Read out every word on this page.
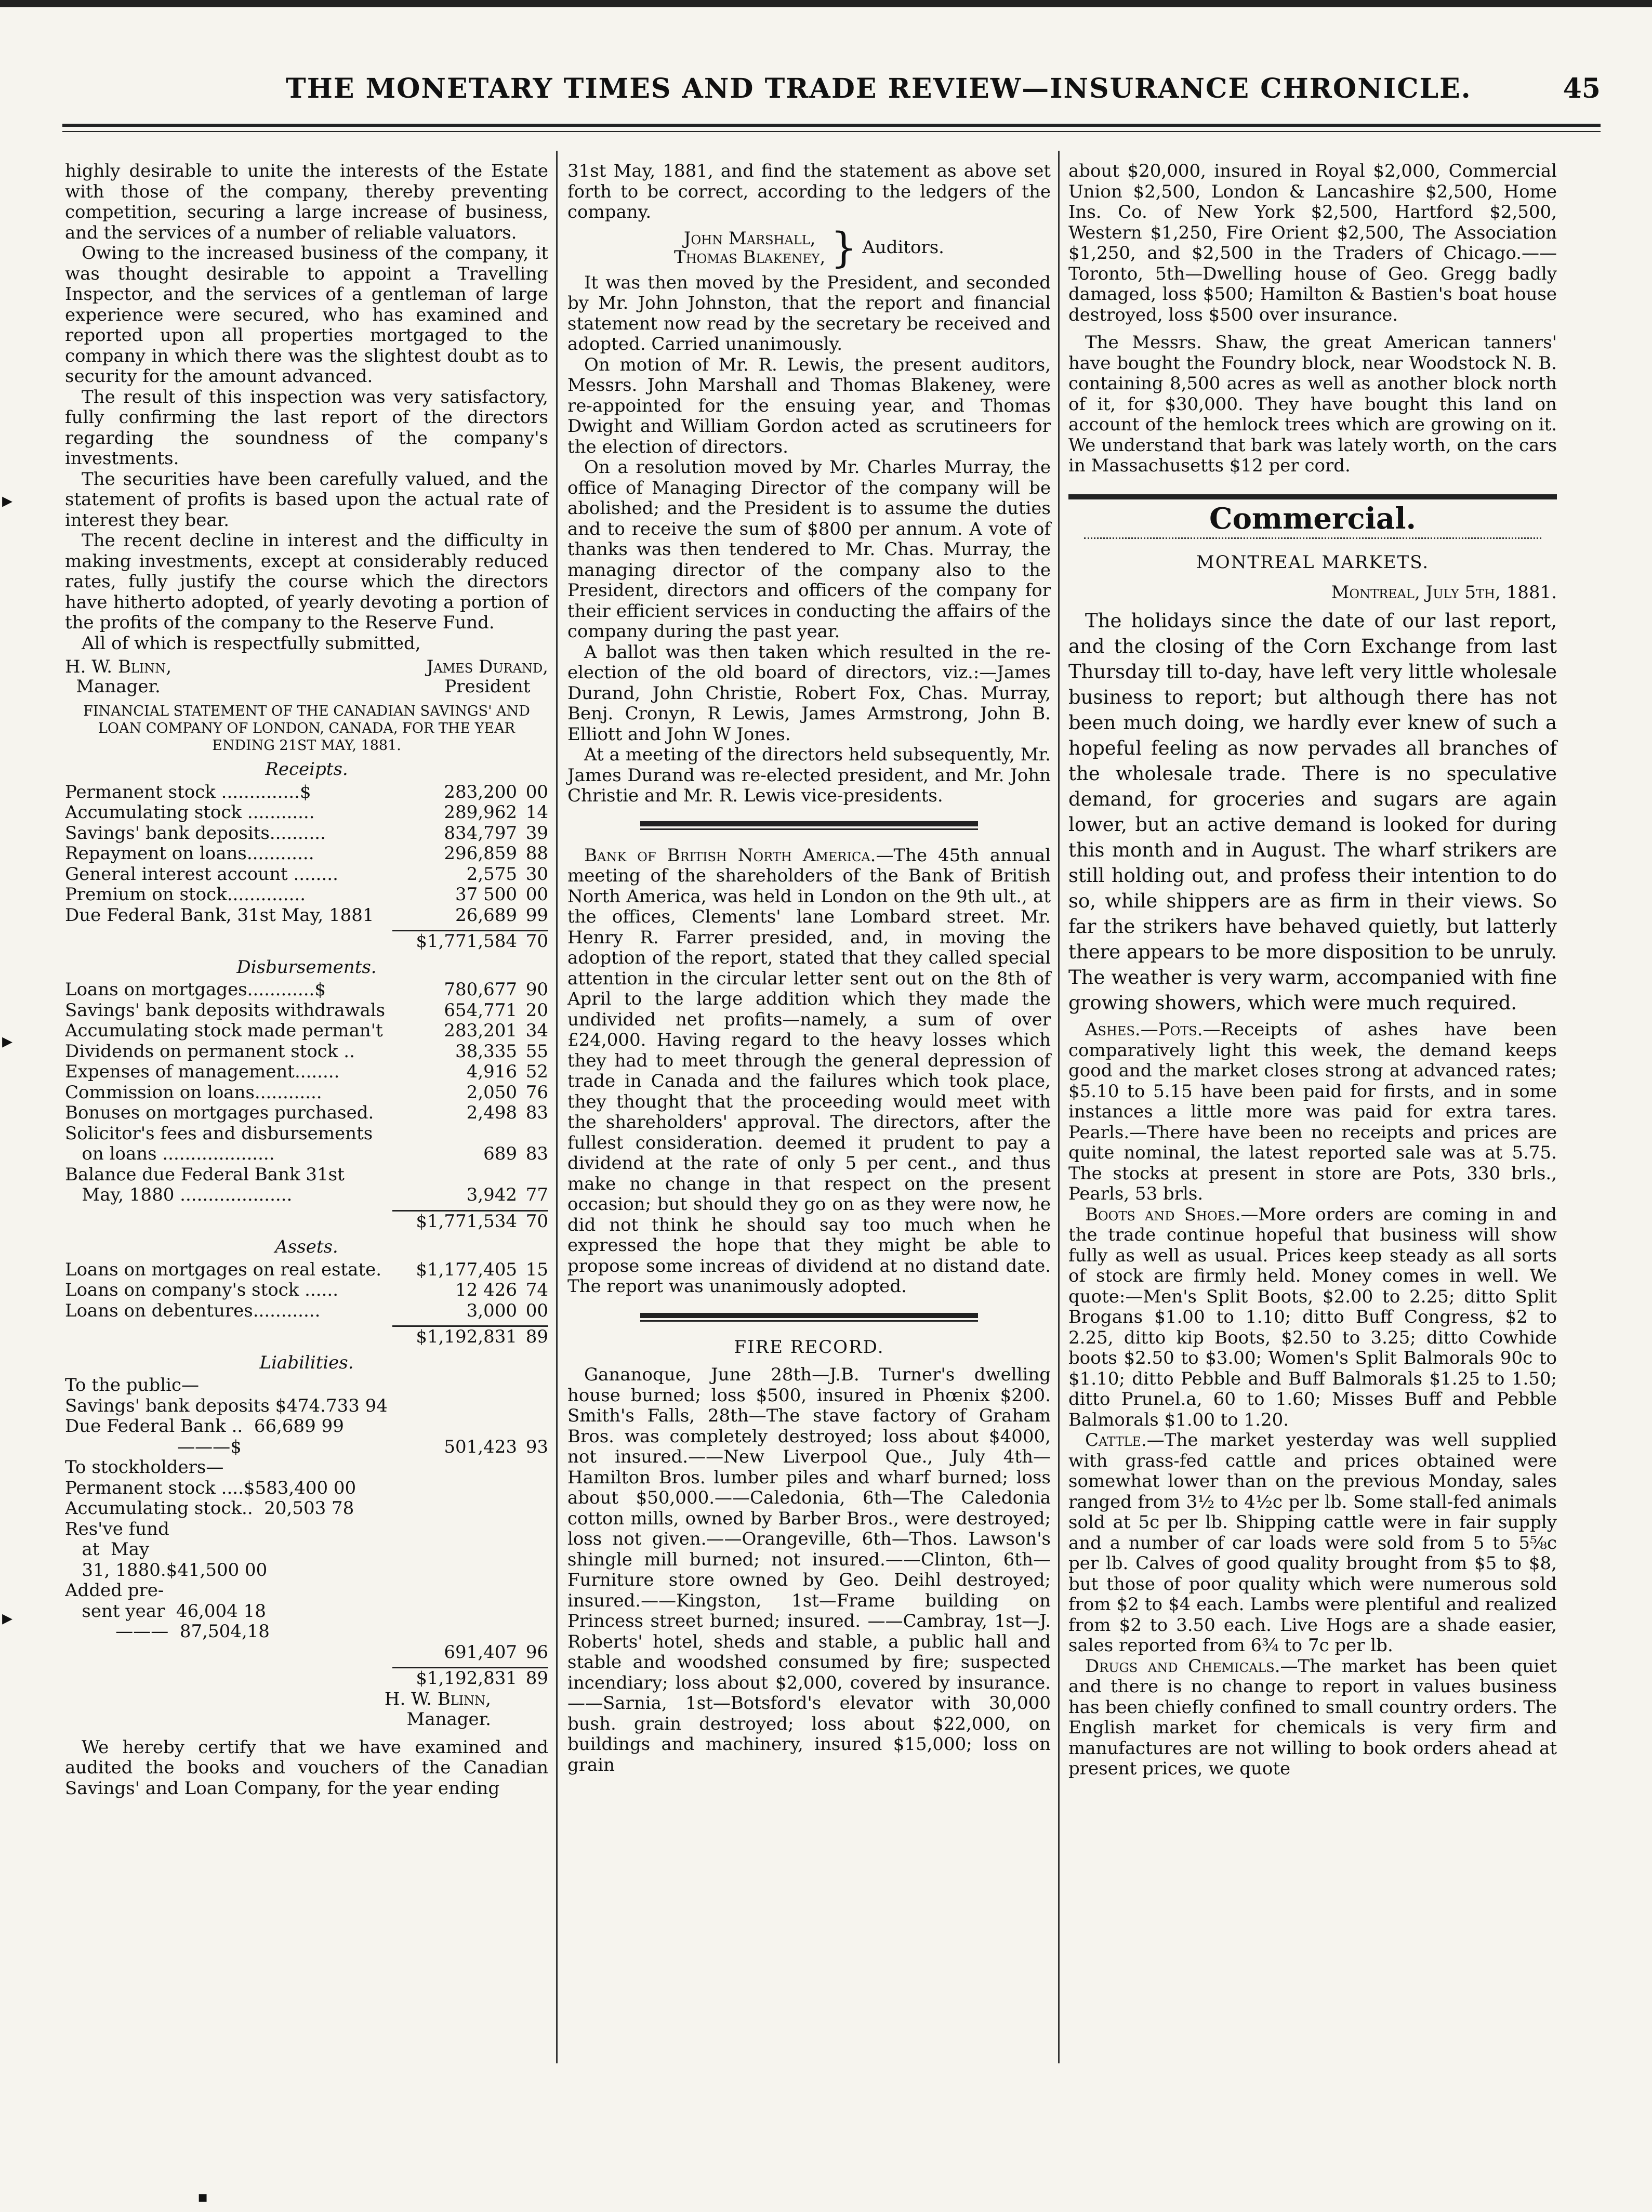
▸
▸
▸
THE MONETARY TIMES AND TRADE REVIEW—INSURANCE CHRONICLE.	45

highly desirable to unite the interests of the Estate with those of the company, thereby preventing competition, securing a large increase of business, and the services of a number of reliable valuators.

Owing to the increased business of the company, it was thought desirable to appoint a Travelling Inspector, and the services of a gentleman of large experience were secured, who has examined and reported upon all properties mortgaged to the company in which there was the slightest doubt as to security for the amount advanced.

The result of this inspection was very satisfactory, fully confirming the last report of the directors regarding the soundness of the company's investments.

The securities have been carefully valued, and the statement of profits is based upon the actual rate of interest they bear.

The recent decline in interest and the difficulty in making investments, except at considerably reduced rates, fully justify the course which the directors have hitherto adopted, of yearly devoting a portion of the profits of the company to the Reserve Fund.

All of which is respectfully submitted,

H. W. Blinn,
Manager.
James Durand,
President
FINANCIAL STATEMENT OF THE CANADIAN SAVINGS' AND LOAN COMPANY OF LONDON, CANADA, FOR THE YEAR ENDING 21ST MAY, 1881.
Receipts.
Permanent stock ..............$	283,200 00
Accumulating stock ............	289,962 14
Savings' bank deposits..........	834,797 39
Repayment on loans............	296,859 88
General interest account ........	2,575 30
Premium on stock..............	37 500 00
Due Federal Bank, 31st May, 1881	26,689 99
$1,771,584 70
Disbursements.
Loans on mortgages............$	780,677 90
Savings' bank deposits withdrawals	654,771 20
Accumulating stock made perman't	283,201 34
Dividends on permanent stock ..	38,335 55
Expenses of management........	4,916 52
Commission on loans............	2,050 76
Bonuses on mortgages purchased.	2,498 83
Solicitor's fees and disbursements
on loans ....................	689 83
Balance due Federal Bank 31st
May, 1880 ....................	3,942 77
$1,771,534 70
Assets.
Loans on mortgages on real estate.	$1,177,405 15
Loans on company's stock ......	12 426 74
Loans on debentures............	3,000 00
$1,192,831 89
Liabilities.
To the public—
Savings' bank deposits $474.733 94
Due Federal Bank ..  66,689 99
———$	501,423 93
To stockholders—
Permanent stock ....$583,400 00
Accumulating stock..  20,503 78
Res've fund
at  May
31, 1880.$41,500 00
Added pre-
sent year  46,004 18
———  87,504,18
691,407 96
$1,192,831 89
H. W. Blinn,
Manager.

We hereby certify that we have examined and audited the books and vouchers of the Canadian Savings' and Loan Company, for the year ending

31st May, 1881, and find the statement as above set forth to be correct, according to the ledgers of the company.

John Marshall,
Thomas Blakeney, } Auditors.

It was then moved by the President, and seconded by Mr. John Johnston, that the report and financial statement now read by the secretary be received and adopted. Carried unanimously.

On motion of Mr. R. Lewis, the present auditors, Messrs. John Marshall and Thomas Blakeney, were re-appointed for the ensuing year, and Thomas Dwight and William Gordon acted as scrutineers for the election of directors.

On a resolution moved by Mr. Charles Murray, the office of Managing Director of the company will be abolished; and the President is to assume the duties and to receive the sum of $800 per annum. A vote of thanks was then tendered to Mr. Chas. Murray, the managing director of the company also to the President, directors and officers of the company for their efficient services in conducting the affairs of the company during the past year.

A ballot was then taken which resulted in the re-election of the old board of directors, viz.:—James Durand, John Christie, Robert Fox, Chas. Murray, Benj. Cronyn, R Lewis, James Armstrong, John B. Elliott and John W Jones.

At a meeting of the directors held subsequently, Mr. James Durand was re-elected president, and Mr. John Christie and Mr. R. Lewis vice-presidents.

Bank of British North America.—The 45th annual meeting of the shareholders of the Bank of British North America, was held in London on the 9th ult., at the offices, Clements' lane Lombard street. Mr. Henry R. Farrer presided, and, in moving the adoption of the report, stated that they called special attention in the circular letter sent out on the 8th of April to the large addition which they made the undivided net profits—namely, a sum of over £24,000. Having regard to the heavy losses which they had to meet through the general depression of trade in Canada and the failures which took place, they thought that the proceeding would meet with the shareholders' approval. The directors, after the fullest consideration. deemed it prudent to pay a dividend at the rate of only 5 per cent., and thus make no change in that respect on the present occasion; but should they go on as they were now, he did not think he should say too much when he expressed the hope that they might be able to propose some increas of dividend at no distand date. The report was unanimously adopted.

FIRE RECORD.

Gananoque, June 28th—J.B. Turner's dwelling house burned; loss $500, insured in Phœnix $200. Smith's Falls, 28th—The stave factory of Graham Bros. was completely destroyed; loss about $4000, not insured.——New Liverpool Que., July 4th—Hamilton Bros. lumber piles and wharf burned; loss about $50,000.——Caledonia, 6th—The Caledonia cotton mills, owned by Barber Bros., were destroyed; loss not given.——Orangeville, 6th—Thos. Lawson's shingle mill burned; not insured.——Clinton, 6th—Furniture store owned by Geo. Deihl destroyed; insured.——Kingston, 1st—Frame building on Princess street burned; insured. ——Cambray, 1st—J. Roberts' hotel, sheds and stable, a public hall and stable and woodshed consumed by fire; suspected incendiary; loss about $2,000, covered by insurance.——Sarnia, 1st—Botsford's elevator with 30,000 bush. grain destroyed; loss about $22,000, on buildings and machinery, insured $15,000; loss on grain

about $20,000, insured in Royal $2,000, Commercial Union $2,500, London & Lancashire $2,500, Home Ins. Co. of New York $2,500, Hartford $2,500, Western $1,250, Fire Orient $2,500, The Association $1,250, and $2,500 in the Traders of Chicago.—— Toronto, 5th—Dwelling house of Geo. Gregg badly damaged, loss $500; Hamilton & Bastien's boat house destroyed, loss $500 over insurance.

The Messrs. Shaw, the great American tanners' have bought the Foundry block, near Woodstock N. B. containing 8,500 acres as well as another block north of it, for $30,000. They have bought this land on account of the hemlock trees which are growing on it. We understand that bark was lately worth, on the cars in Massachusetts $12 per cord.

Commercial.
MONTREAL MARKETS.
Montreal, July 5th, 1881.

The holidays since the date of our last report, and the closing of the Corn Exchange from last Thursday till to-day, have left very little wholesale business to report; but although there has not been much doing, we hardly ever knew of such a hopeful feeling as now pervades all branches of the wholesale trade. There is no speculative demand, for groceries and sugars are again lower, but an active demand is looked for during this month and in August. The wharf strikers are still holding out, and profess their intention to do so, while shippers are as firm in their views. So far the strikers have behaved quietly, but latterly there appears to be more disposition to be unruly. The weather is very warm, accompanied with fine growing showers, which were much required.

Ashes.—Pots.—Receipts of ashes have been comparatively light this week, the demand keeps good and the market closes strong at advanced rates; $5.10 to 5.15 have been paid for firsts, and in some instances a little more was paid for extra tares. Pearls.—There have been no receipts and prices are quite nominal, the latest reported sale was at 5.75. The stocks at present in store are Pots, 330 brls., Pearls, 53 brls.

Boots and Shoes.—More orders are coming in and the trade continue hopeful that business will show fully as well as usual. Prices keep steady as all sorts of stock are firmly held. Money comes in well. We quote:—Men's Split Boots, $2.00 to 2.25; ditto Split Brogans $1.00 to 1.10; ditto Buff Congress, $2 to 2.25, ditto kip Boots, $2.50 to 3.25; ditto Cowhide boots $2.50 to $3.00; Women's Split Balmorals 90c to $1.10; ditto Pebble and Buff Balmorals $1.25 to 1.50; ditto Prunel.a, 60 to 1.60; Misses Buff and Pebble Balmorals $1.00 to 1.20.

Cattle.—The market yesterday was well supplied with grass-fed cattle and prices obtained were somewhat lower than on the previous Monday, sales ranged from 3½ to 4½c per lb. Some stall-fed animals sold at 5c per lb. Shipping cattle were in fair supply and a number of car loads were sold from 5 to 5⅝c per lb. Calves of good quality brought from $5 to $8, but those of poor quality which were numerous sold from $2 to $4 each. Lambs were plentiful and realized from $2 to 3.50 each. Live Hogs are a shade easier, sales reported from 6¾ to 7c per lb.

Drugs and Chemicals.—The market has been quiet and there is no change to report in values business has been chiefly confined to small country orders. The English market for chemicals is very firm and manufactures are not willing to book orders ahead at present prices, we quote

▪
